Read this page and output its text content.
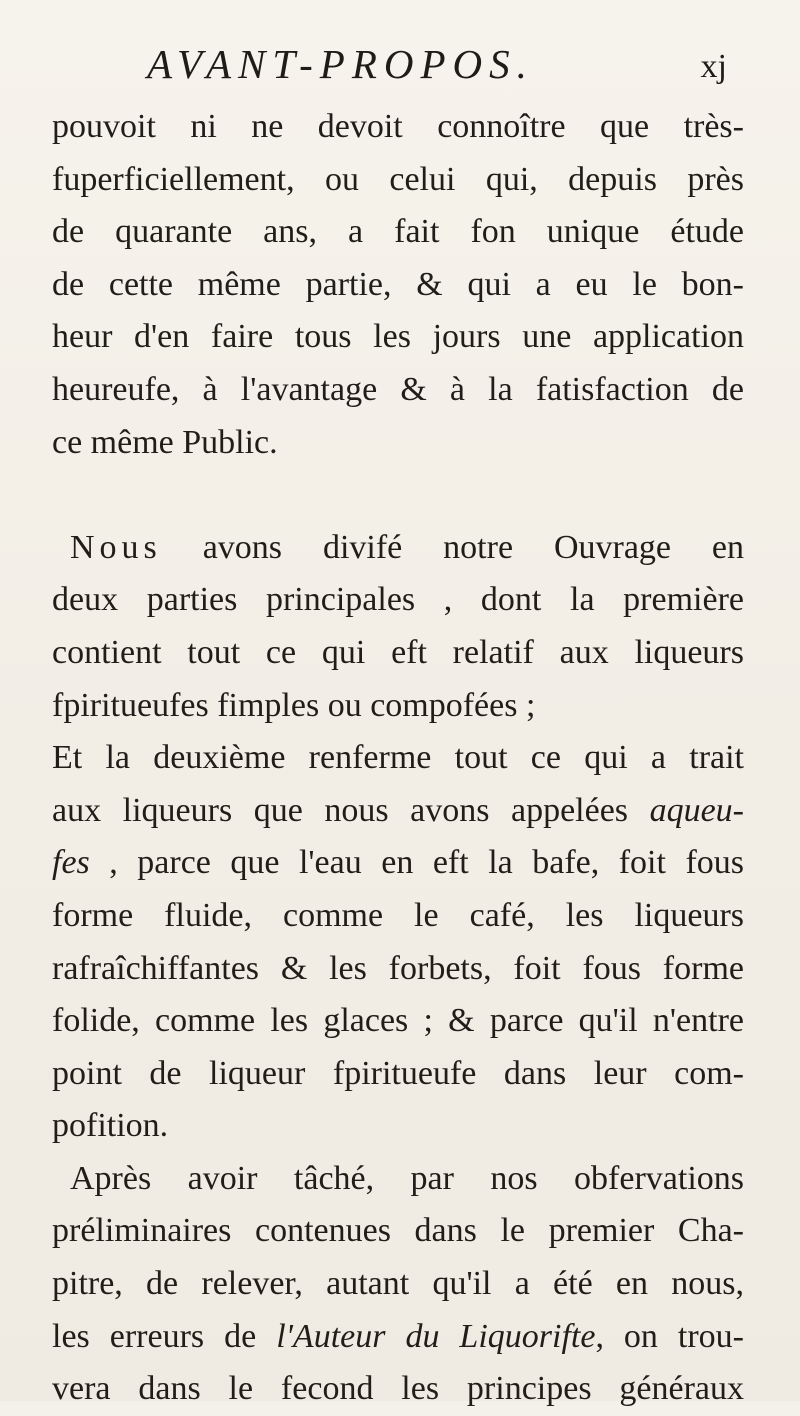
AVANT-PROPOS.	xj
pouvoit ni ne devoit connoître que très-
fuperficiellement, ou celui qui, depuis près
de quarante ans, a fait fon unique étude
de cette même partie, & qui a eu le bon-
heur d'en faire tous les jours une application
heureufe, à l'avantage & à la fatisfaction de
ce même Public.
Nous avons divifé notre Ouvrage en
deux parties principales , dont la première
contient tout ce qui eft relatif aux liqueurs
fpiritueufes fimples ou compofées ;
Et la deuxième renferme tout ce qui a trait
aux liqueurs que nous avons appelées aqueu-
fes , parce que l'eau en eft la bafe, foit fous
forme fluide, comme le café, les liqueurs
rafraîchiffantes & les forbets, foit fous forme
folide, comme les glaces ; & parce qu'il n'entre
point de liqueur fpiritueufe dans leur com-
pofition.
Après avoir tâché, par nos obfervations
préliminaires contenues dans le premier Cha-
pitre, de relever, autant qu'il a été en nous,
les erreurs de l'Auteur du Liquorifte, on trou-
vera dans le fecond les principes généraux
